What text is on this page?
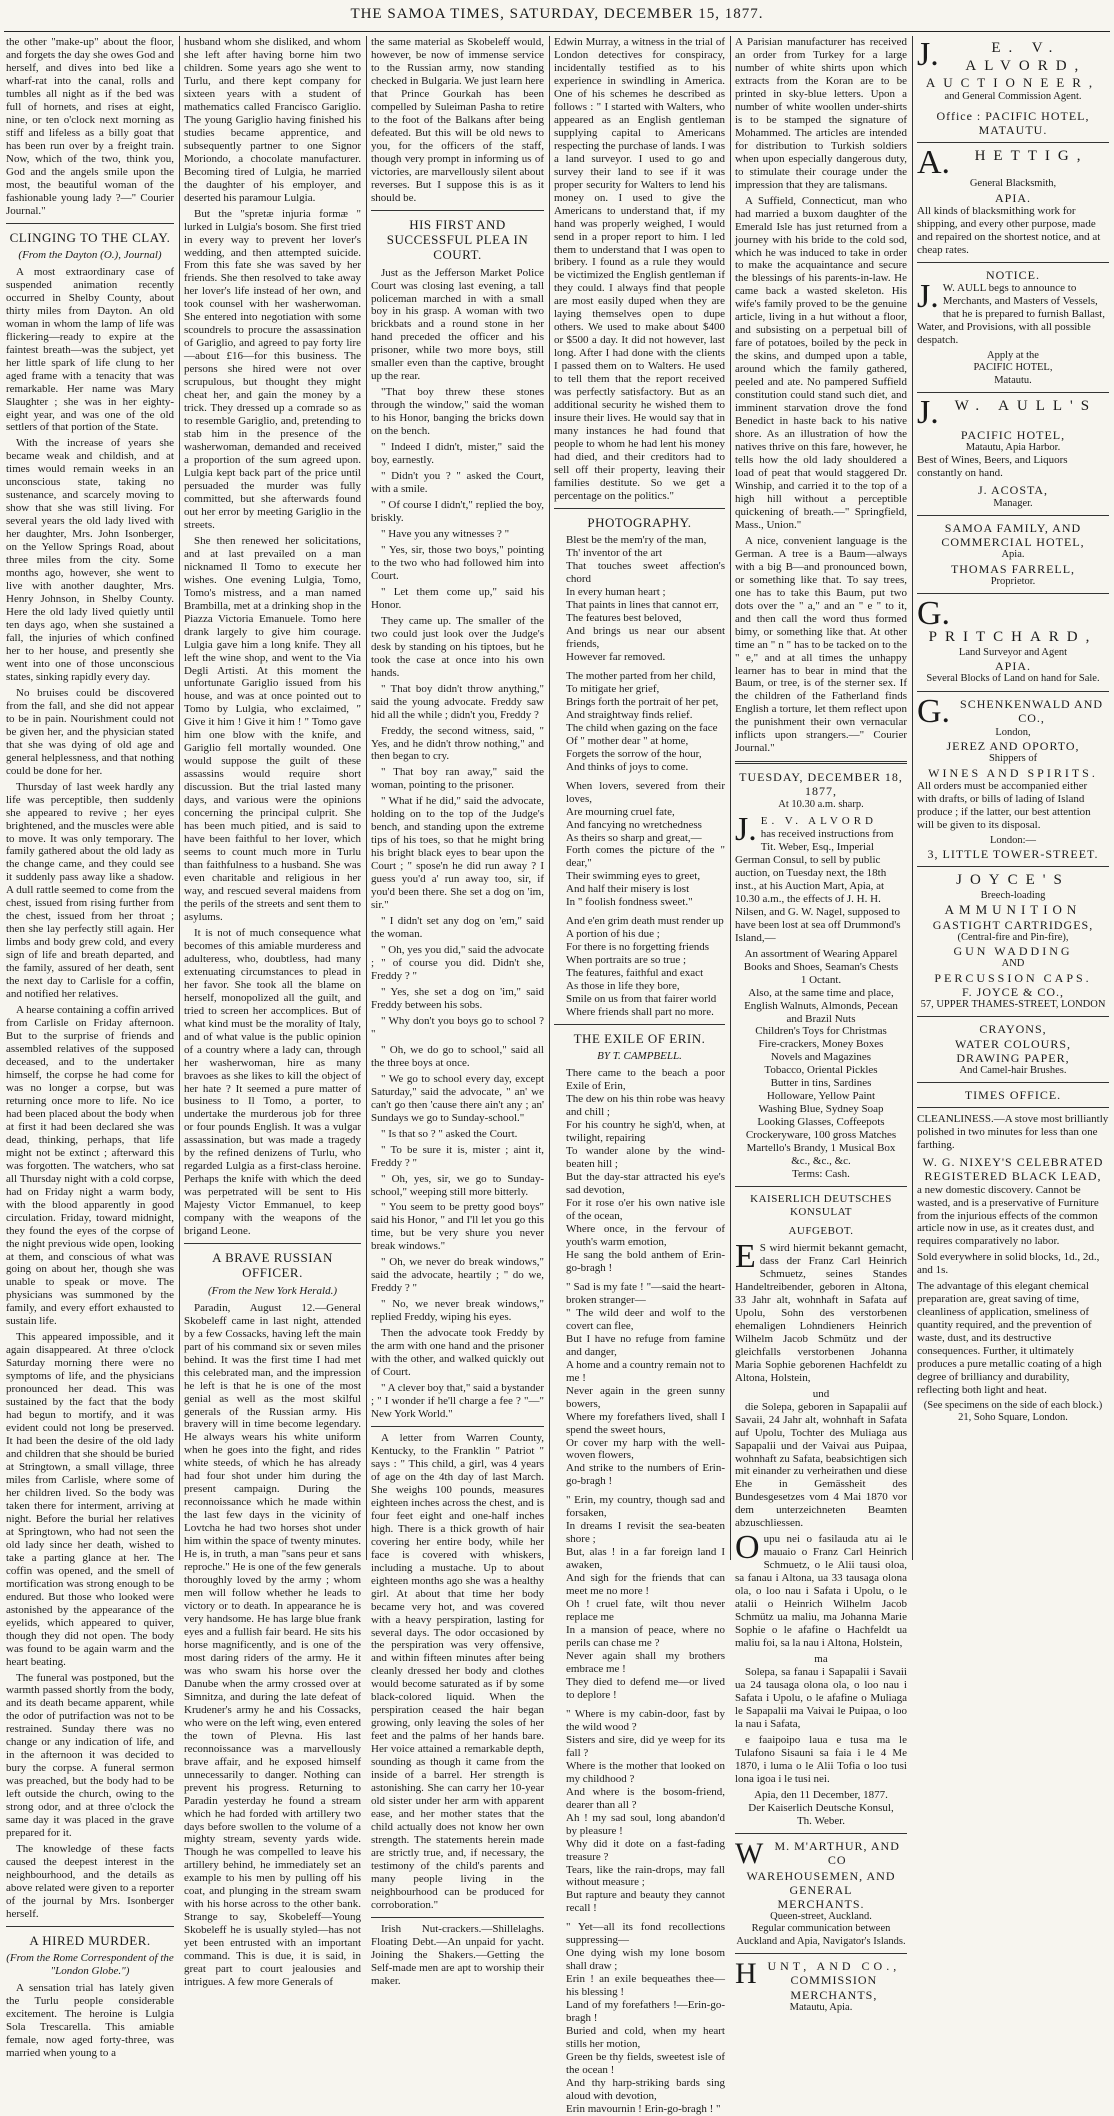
THE SAMOA TIMES, SATURDAY, DECEMBER 15, 1877.

the other "make-up" about the floor, and forgets the day she owes God and herself, and dives into bed like a wharf-rat into the canal, rolls and tumbles all night as if the bed was full of hornets, and rises at eight, nine, or ten o'clock next morning as stiff and lifeless as a billy goat that has been run over by a freight train. Now, which of the two, think you, God and the angels smile upon the most, the beautiful woman of the fashionable young lady ?—" Courier Journal."

CLINGING TO THE CLAY.
(From the Dayton (O.), Journal)

A most extraordinary case of suspended animation recently occurred in Shelby County, about thirty miles from Dayton. An old woman in whom the lamp of life was flickering—ready to expire at the faintest breath—was the subject, yet her little spark of life clung to her aged frame with a tenacity that was remarkable. Her name was Mary Slaughter ; she was in her eighty-eight year, and was one of the old settlers of that portion of the State.

With the increase of years she became weak and childish, and at times would remain weeks in an unconscious state, taking no sustenance, and scarcely moving to show that she was still living. For several years the old lady lived with her daughter, Mrs. John Isonberger, on the Yellow Springs Road, about three miles from the city. Some months ago, however, she went to live with another daughter, Mrs. Henry Johnson, in Shelby County. Here the old lady lived quietly until ten days ago, when she sustained a fall, the injuries of which confined her to her house, and presently she went into one of those unconscious states, sinking rapidly every day.

No bruises could be discovered from the fall, and she did not appear to be in pain. Nourishment could not be given her, and the physician stated that she was dying of old age and general helplessness, and that nothing could be done for her.

Thursday of last week hardly any life was perceptible, then suddenly she appeared to revive ; her eyes brightened, and the muscles were able to move. It was only temporary. The family gathered about the old lady as the change came, and they could see it suddenly pass away like a shadow. A dull rattle seemed to come from the chest, issued from rising further from the chest, issued from her throat ; then she lay perfectly still again. Her limbs and body grew cold, and every sign of life and breath departed, and the family, assured of her death, sent the next day to Carlisle for a coffin, and notified her relatives.

A hearse containing a coffin arrived from Carlisle on Friday afternoon. But to the surprise of friends and assembled relatives of the supposed deceased, and to the undertaker himself, the corpse he had come for was no longer a corpse, but was returning once more to life. No ice had been placed about the body when at first it had been declared she was dead, thinking, perhaps, that life might not be extinct ; afterward this was forgotten. The watchers, who sat all Thursday night with a cold corpse, had on Friday night a warm body, with the blood apparently in good circulation. Friday, toward midnight, they found the eyes of the corpse of the night previous wide open, looking at them, and conscious of what was going on about her, though she was unable to speak or move. The physicians was summoned by the family, and every effort exhausted to sustain life.

This appeared impossible, and it again disappeared. At three o'clock Saturday morning there were no symptoms of life, and the physicians pronounced her dead. This was sustained by the fact that the body had begun to mortify, and it was evident could not long be preserved. It had been the desire of the old lady and children that she should be buried at Stringtown, a small village, three miles from Carlisle, where some of her children lived. So the body was taken there for interment, arriving at night. Before the burial her relatives at Springtown, who had not seen the old lady since her death, wished to take a parting glance at her. The coffin was opened, and the smell of mortification was strong enough to be endured. But those who looked were astonished by the appearance of the eyelids, which appeared to quiver, though they did not open. The body was found to be again warm and the heart beating.

The funeral was postponed, but the warmth passed shortly from the body, and its death became apparent, while the odor of putrifaction was not to be restrained. Sunday there was no change or any indication of life, and in the afternoon it was decided to bury the corpse. A funeral sermon was preached, but the body had to be left outside the church, owing to the strong odor, and at three o'clock the same day it was placed in the grave prepared for it.

The knowledge of these facts caused the deepest interest in the neighbourhood, and the details as above related were given to a reporter of the journal by Mrs. Isonberger herself.

A HIRED MURDER.
(From the Rome Correspondent of the "London Globe.")

A sensation trial has lately given the Turlu people considerable excitement. The heroine is Lulgia Sola Trescarella. This amiable female, now aged forty-three, was married when young to a

husband whom she disliked, and whom she left after having borne him two children. Some years ago she went to Turlu, and there kept company for sixteen years with a student of mathematics called Francisco Gariglio. The young Gariglio having finished his studies became apprentice, and subsequently partner to one Signor Moriondo, a chocolate manufacturer. Becoming tired of Lulgia, he married the daughter of his employer, and deserted his paramour Lulgia.

But the "spretæ injuria formæ " lurked in Lulgia's bosom. She first tried in every way to prevent her lover's wedding, and then attempted suicide. From this fate she was saved by her friends. She then resolved to take away her lover's life instead of her own, and took counsel with her washerwoman. She entered into negotiation with some scoundrels to procure the assassination of Gariglio, and agreed to pay forty lire —about £16—for this business. The persons she hired were not over scrupulous, but thought they might cheat her, and gain the money by a trick. They dressed up a comrade so as to resemble Gariglio, and, pretending to stab him in the presence of the washerwoman, demanded and received a proportion of the sum agreed upon. Lulgia kept back part of the price until persuaded the murder was fully committed, but she afterwards found out her error by meeting Gariglio in the streets.

She then renewed her solicitations, and at last prevailed on a man nicknamed Il Tomo to execute her wishes. One evening Lulgia, Tomo, Tomo's mistress, and a man named Brambilla, met at a drinking shop in the Piazza Victoria Emanuele. Tomo here drank largely to give him courage. Lulgia gave him a long knife. They all left the wine shop, and went to the Via Degli Artisti. At this moment the unfortunate Gariglio issued from his house, and was at once pointed out to Tomo by Lulgia, who exclaimed, " Give it him ! Give it him ! " Tomo gave him one blow with the knife, and Gariglio fell mortally wounded. One would suppose the guilt of these assassins would require short discussion. But the trial lasted many days, and various were the opinions concerning the principal culprit. She has been much pitied, and is said to have been faithful to her lover, which seems to count much more in Turlu than faithfulness to a husband. She was even charitable and religious in her way, and rescued several maidens from the perils of the streets and sent them to asylums.

It is not of much consequence what becomes of this amiable murderess and adulteress, who, doubtless, had many extenuating circumstances to plead in her favor. She took all the blame on herself, monopolized all the guilt, and tried to screen her accomplices. But of what kind must be the morality of Italy, and of what value is the public opinion of a country where a lady can, through her washerwoman, hire as many bravoes as she likes to kill the object of her hate ? It seemed a pure matter of business to Il Tomo, a porter, to undertake the murderous job for three or four pounds English. It was a vulgar assassination, but was made a tragedy by the refined denizens of Turlu, who regarded Lulgia as a first-class heroine. Perhaps the knife with which the deed was perpetrated will be sent to His Majesty Victor Emmanuel, to keep company with the weapons of the brigand Leone.

A BRAVE RUSSIAN OFFICER.
(From the New York Herald.)

Paradin, August 12.—General Skobeleff came in last night, attended by a few Cossacks, having left the main part of his command six or seven miles behind. It was the first time I had met this celebrated man, and the impression he left is that he is one of the most genial as well as the most skilful generals of the Russian army. His bravery will in time become legendary. He always wears his white uniform when he goes into the fight, and rides white steeds, of which he has already had four shot under him during the present campaign. During the reconnoissance which he made within the last few days in the vicinity of Lovtcha he had two horses shot under him within the space of twenty minutes. He is, in truth, a man "sans peur et sans reproche." He is one of the few generals thoroughly loved by the army ; whom men will follow whether he leads to victory or to death. In appearance he is very handsome. He has large blue frank eyes and a fullish fair beard. He sits his horse magnificently, and is one of the most daring riders of the army. He it was who swam his horse over the Danube when the army crossed over at Simnitza, and during the late defeat of Krudener's army he and his Cossacks, who were on the left wing, even entered the town of Plevna. His last reconnoissance was a marvellously brave affair, and he exposed himself unnecessarily to danger. Nothing can prevent his progress. Returning to Paradin yesterday he found a stream which he had forded with artillery two days before swollen to the volume of a mighty stream, seventy yards wide. Though he was compelled to leave his artillery behind, he immediately set an example to his men by pulling off his coat, and plunging in the stream swam with his horse across to the other bank. Strange to say, Skobeleff—Young Skobeleff he is usually styled—has not yet been entrusted with an important command. This is due, it is said, in great part to court jealousies and intrigues. A few more Generals of

the same material as Skobeleff would, however, be now of immense service to the Russian army, now standing checked in Bulgaria. We just learn here that Prince Gourkah has been compelled by Suleiman Pasha to retire to the foot of the Balkans after being defeated. But this will be old news to you, for the officers of the staff, though very prompt in informing us of victories, are marvellously silent about reverses. But I suppose this is as it should be.

HIS FIRST AND SUCCESSFUL PLEA IN COURT.

Just as the Jefferson Market Police Court was closing last evening, a tall policeman marched in with a small boy in his grasp. A woman with two brickbats and a round stone in her hand preceded the officer and his prisoner, while two more boys, still smaller even than the captive, brought up the rear.

"That boy threw these stones through the window," said the woman to his Honor, banging the bricks down on the bench.

" Indeed I didn't, mister," said the boy, earnestly.

" Didn't you ? " asked the Court, with a smile.

" Of course I didn't," replied the boy, briskly.

" Have you any witnesses ? "

" Yes, sir, those two boys," pointing to the two who had followed him into Court.

" Let them come up," said his Honor.

They came up. The smaller of the two could just look over the Judge's desk by standing on his tiptoes, but he took the case at once into his own hands.

" That boy didn't throw anything," said the young advocate. Freddy saw hid all the while ; didn't you, Freddy ?

Freddy, the second witness, said, " Yes, and he didn't throw nothing," and then began to cry.

" That boy ran away," said the woman, pointing to the prisoner.

" What if he did," said the advocate, holding on to the top of the Judge's bench, and standing upon the extreme tips of his toes, so that he might bring his bright black eyes to bear upon the Court ; " spose'n he did run away ? I guess you'd a' run away too, sir, if you'd been there. She set a dog on 'im, sir."

" I didn't set any dog on 'em," said the woman.

" Oh, yes you did," said the advocate ; " of course you did. Didn't she, Freddy ? "

" Yes, she set a dog on 'im," said Freddy between his sobs.

" Why don't you boys go to school ? "

" Oh, we do go to school," said all the three boys at once.

" We go to school every day, except Saturday," said the advocate, " an' we can't go then 'cause there ain't any ; an' Sundays we go to Sunday-school."

" Is that so ? " asked the Court.

" To be sure it is, mister ; aint it, Freddy ? "

" Oh, yes, sir, we go to Sunday-school," weeping still more bitterly.

" You seem to be pretty good boys" said his Honor, " and I'll let you go this time, but be very shure you never break windows."

" Oh, we never do break windows," said the advocate, heartily ; " do we, Freddy ? "

" No, we never break windows," replied Freddy, wiping his eyes.

Then the advocate took Freddy by the arm with one hand and the prisoner with the other, and walked quickly out of Court.

" A clever boy that," said a bystander ; " I wonder if he'll charge a fee ? "—" New York World."

A letter from Warren County, Kentucky, to the Franklin " Patriot " says : " This child, a girl, was 4 years of age on the 4th day of last March. She weighs 100 pounds, measures eighteen inches across the chest, and is four feet eight and one-half inches high. There is a thick growth of hair covering her entire body, while her face is covered with whiskers, including a mustache. Up to about eighteen months ago she was a healthy girl. At about that time her body became very hot, and was covered with a heavy perspiration, lasting for several days. The odor occasioned by the perspiration was very offensive, and within fifteen minutes after being cleanly dressed her body and clothes would become saturated as if by some black-colored liquid. When the perspiration ceased the hair began growing, only leaving the soles of her feet and the palms of her hands bare. Her voice attained a remarkable depth, sounding as though it came from the inside of a barrel. Her strength is astonishing. She can carry her 10-year old sister under her arm with apparent ease, and her mother states that the child actually does not know her own strength. The statements herein made are strictly true, and, if necessary, the testimony of the child's parents and many people living in the neighbourhood can be produced for corroboration."

Irish Nut-crackers.—Shillelaghs. Floating Debt.—An unpaid for yacht. Joining the Shakers.—Getting the Self-made men are apt to worship their maker.

Edwin Murray, a witness in the trial of London detectives for conspiracy, incidentally testified as to his experience in swindling in America. One of his schemes he described as follows : " I started with Walters, who appeared as an English gentleman supplying capital to Americans respecting the purchase of lands. I was a land surveyor. I used to go and survey their land to see if it was proper security for Walters to lend his money on. I used to give the Americans to understand that, if my hand was properly weighed, I would send in a proper report to him. I led them to understand that I was open to bribery. I found as a rule they would be victimized the English gentleman if they could. I always find that people are most easily duped when they are laying themselves open to dupe others. We used to make about $400 or $500 a day. It did not however, last long. After I had done with the clients I passed them on to Walters. He used to tell them that the report received was perfectly satisfactory. But as an additional security he wished them to insure their lives. He would say that in many instances he had found that people to whom he had lent his money had died, and their creditors had to sell off their property, leaving their families destitute. So we get a percentage on the politics."

PHOTOGRAPHY.

Blest be the mem'ry of the man,

Th' inventor of the art

That touches sweet affection's chord

In every human heart ;

That paints in lines that cannot err,

The features best beloved,

And brings us near our absent friends,

However far removed.

The mother parted from her child,

To mitigate her grief,

Brings forth the portrait of her pet,

And straightway finds relief.

The child when gazing on the face

Of " mother dear " at home,

Forgets the sorrow of the hour,

And thinks of joys to come.

When lovers, severed from their loves,

Are mourning cruel fate,

And fancying no wretchedness

As theirs so sharp and great,—

Forth comes the picture of the " dear,"

Their swimming eyes to greet,

And half their misery is lost

In " foolish fondness sweet."

And e'en grim death must render up

A portion of his due ;

For there is no forgetting friends

When portraits are so true ;

The features, faithful and exact

As those in life they bore,

Smile on us from that fairer world

Where friends shall part no more.

THE EXILE OF ERIN.
BY T. CAMPBELL.

There came to the beach a poor Exile of Erin,

The dew on his thin robe was heavy and chill ;

For his country he sigh'd, when, at twilight, repairing

To wander alone by the wind-beaten hill ;

But the day-star attracted his eye's sad devotion,

For it rose o'er his own native isle of the ocean,

Where once, in the fervour of youth's warm emotion,

He sang the bold anthem of Erin-go-bragh !

" Sad is my fate ! "—said the heart-broken stranger—

" The wild deer and wolf to the covert can flee,

But I have no refuge from famine and danger,

A home and a country remain not to me !

Never again in the green sunny bowers,

Where my forefathers lived, shall I spend the sweet hours,

Or cover my harp with the well-woven flowers,

And strike to the numbers of Erin-go-bragh !

" Erin, my country, though sad and forsaken,

In dreams I revisit the sea-beaten shore ;

But, alas ! in a far foreign land I awaken,

And sigh for the friends that can meet me no more !

Oh ! cruel fate, wilt thou never replace me

In a mansion of peace, where no perils can chase me ?

Never again shall my brothers embrace me !

They died to defend me—or lived to deplore !

" Where is my cabin-door, fast by the wild wood ?

Sisters and sire, did ye weep for its fall ?

Where is the mother that looked on my childhood ?

And where is the bosom-friend, dearer than all ?

Ah ! my sad soul, long abandon'd by pleasure !

Why did it dote on a fast-fading treasure ?

Tears, like the rain-drops, may fall without measure ;

But rapture and beauty they cannot recall !

" Yet—all its fond recollections suppressing—

One dying wish my lone bosom shall draw ;

Erin ! an exile bequeathes thee—his blessing !

Land of my forefathers !—Erin-go-bragh !

Buried and cold, when my heart stills her motion,

Green be thy fields, sweetest isle of the ocean !

And thy harp-striking bards sing aloud with devotion,

Erin mavournin ! Erin-go-bragh ! "

A Parisian manufacturer has received an order from Turkey for a large number of white shirts upon which extracts from the Koran are to be printed in sky-blue letters. Upon a number of white woollen under-shirts is to be stamped the signature of Mohammed. The articles are intended for distribution to Turkish soldiers when upon especially dangerous duty, to stimulate their courage under the impression that they are talismans.

A Suffield, Connecticut, man who had married a buxom daughter of the Emerald Isle has just returned from a journey with his bride to the cold sod, which he was induced to take in order to make the acquaintance and secure the blessings of his parents-in-law. He came back a wasted skeleton. His wife's family proved to be the genuine article, living in a hut without a floor, and subsisting on a perpetual bill of fare of potatoes, boiled by the peck in the skins, and dumped upon a table, around which the family gathered, peeled and ate. No pampered Suffield constitution could stand such diet, and imminent starvation drove the fond Benedict in haste back to his native shore. As an illustration of how the natives thrive on this fare, however, he tells how the old lady shouldered a load of peat that would staggered Dr. Winship, and carried it to the top of a high hill without a perceptible quickening of breath.—" Springfield, Mass., Union."

A nice, convenient language is the German. A tree is a Baum—always with a big B—and pronounced bown, or something like that. To say trees, one has to take this Baum, put two dots over the " a," and an " e " to it, and then call the word thus formed bimy, or something like that. At other time an " n " has to be tacked on to the " e," and at all times the unhappy learner has to bear in mind that the Baum, or tree, is of the sterner sex. If the children of the Fatherland finds English a torture, let them reflect upon the punishment their own vernacular inflicts upon strangers.—" Courier Journal."

TUESDAY, DECEMBER 18, 1877,
At 10.30 a.m. sharp.
J. E. V. ALVORD

has received instructions from Tit. Weber, Esq., Imperial German Consul, to sell by public auction, on Tuesday next, the 18th inst., at his Auction Mart, Apia, at 10.30 a.m., the effects of J. H. H. Nilsen, and G. W. Nagel, supposed to have been lost at sea off Drummond's Island,—

An assortment of Wearing Apparel
Books and Shoes, Seaman's Chests
1 Octant.
Also, at the same time and place,
English Walnuts, Almonds, Pecean and Brazil Nuts
Children's Toys for Christmas
Fire-crackers, Money Boxes
Novels and Magazines
Tobacco, Oriental Pickles
Butter in tins, Sardines
Holloware, Yellow Paint
Washing Blue, Sydney Soap
Looking Glasses, Coffeepots
Crockeryware, 100 gross Matches
Martello's Brandy, 1 Musical Box
&c., &c., &c.
Terms: Cash.
KAISERLICH DEUTSCHES KONSULAT
AUFGEBOT.

E S wird hiermit bekannt gemacht, dass der Franz Carl Heinrich Schmuetz, seines Standes Handeltreibender, geboren in Altona, 33 Jahr alt, wohnhaft in Safata auf Upolu, Sohn des verstorbenen ehemaligen Lohndieners Heinrich Wilhelm Jacob Schmütz und der gleichfalls verstorbenen Johanna Maria Sophie geborenen Hachfeldt zu Altona, Holstein,

und

die Solepa, geboren in Sapapalii auf Savaii, 24 Jahr alt, wohnhaft in Safata auf Upolu, Tochter des Muliaga aus Sapapalii und der Vaivai aus Puipaa, wohnhaft zu Safata, beabsichtigen sich mit einander zu verheirathen und diese Ehe in Gemässheit des Bundesgesetzes vom 4 Mai 1870 vor dem unterzeichneten Beamten abzuschliessen.

Oupu nei o fasilauda atu ai le mauaio o Franz Carl Heinrich Schmuetz, o le Alii tausi oloa, sa fanau i Altona, ua 33 tausaga olona ola, o loo nau i Safata i Upolu, o le atalii o Heinrich Wilhelm Jacob Schmütz ua maliu, ma Johanna Marie Sophie o le afafine o Hachfeldt ua maliu foi, sa la nau i Altona, Holstein,

ma

Solepa, sa fanau i Sapapalii i Savaii ua 24 tausaga olona ola, o loo nau i Safata i Upolu, o le afafine o Muliaga le Sapapalii ma Vaivai le Puipaa, o loo la nau i Safata,

e faaipoipo laua e tusa ma le Tulafono Sisauni sa faia i le 4 Me 1870, i luma o le Alii Tofia o loo tusi lona igoa i le tusi nei.

Apia, den 11 December, 1877.
Der Kaiserlich Deutsche Konsul,
Th. Weber.
W M. M'ARTHUR, AND CO
WAREHOUSEMEN, AND GENERAL
MERCHANTS.
Queen-street, Auckland.
Regular communication between Auckland and Apia, Navigator's Islands.
H UNT, AND CO.,
COMMISSION MERCHANTS,
Matautu, Apia.
J.	E. V. ALVORD,
AUCTIONEER,
and General Commission Agent.
Office : PACIFIC HOTEL,
MATAUTU.
A.	HETTIG,
General Blacksmith,
APIA.

All kinds of blacksmithing work for shipping, and every other purpose, made and repaired on the shortest notice, and at cheap rates.

NOTICE.

J. W. AULL begs to announce to Merchants, and Masters of Vessels, that he is prepared to furnish Ballast, Water, and Provisions, with all possible despatch.

Apply at the
PACIFIC HOTEL,
Matautu.
J.	W. AULL'S
PACIFIC HOTEL,
Matautu, Apia Harbor.

Best of Wines, Beers, and Liquors constantly on hand.

J. ACOSTA,
Manager.
SAMOA FAMILY, AND COMMERCIAL HOTEL,
Apia.
THOMAS FARRELL,
Proprietor.
G.
PRITCHARD,
Land Surveyor and Agent
APIA.
Several Blocks of Land on hand for Sale.
G. SCHENKENWALD AND CO.,
London,
JEREZ AND OPORTO,
Shippers of
WINES AND SPIRITS.

All orders must be accompanied either with drafts, or bills of lading of Island produce ; if the latter, our best attention will be given to its disposal.

London:—
3, LITTLE TOWER-STREET.
JOYCE'S
Breech-loading
AMMUNITION
GASTIGHT CARTRIDGES,
(Central-fire and Pin-fire),
GUN WADDING
AND
PERCUSSION CAPS.
F. JOYCE & CO.,
57, UPPER THAMES-STREET, LONDON
CRAYONS,
WATER COLOURS,
DRAWING PAPER,
And Camel-hair Brushes.
TIMES OFFICE.

CLEANLINESS.—A stove most brilliantly polished in two minutes for less than one farthing.

W. G. NIXEY'S CELEBRATED
REGISTERED BLACK LEAD,

a new domestic discovery. Cannot be wasted, and is a preservative of Furniture from the injurious effects of the common article now in use, as it creates dust, and requires comparatively no labor.

Sold everywhere in solid blocks, 1d., 2d., and 1s.

The advantage of this elegant chemical preparation are, great saving of time, cleanliness of application, smeliness of quantity required, and the prevention of waste, dust, and its destructive consequences. Further, it ultimately produces a pure metallic coating of a high degree of brilliancy and durability, reflecting both light and heat.

(See specimens on the side of each block.)
21, Soho Square, London.
